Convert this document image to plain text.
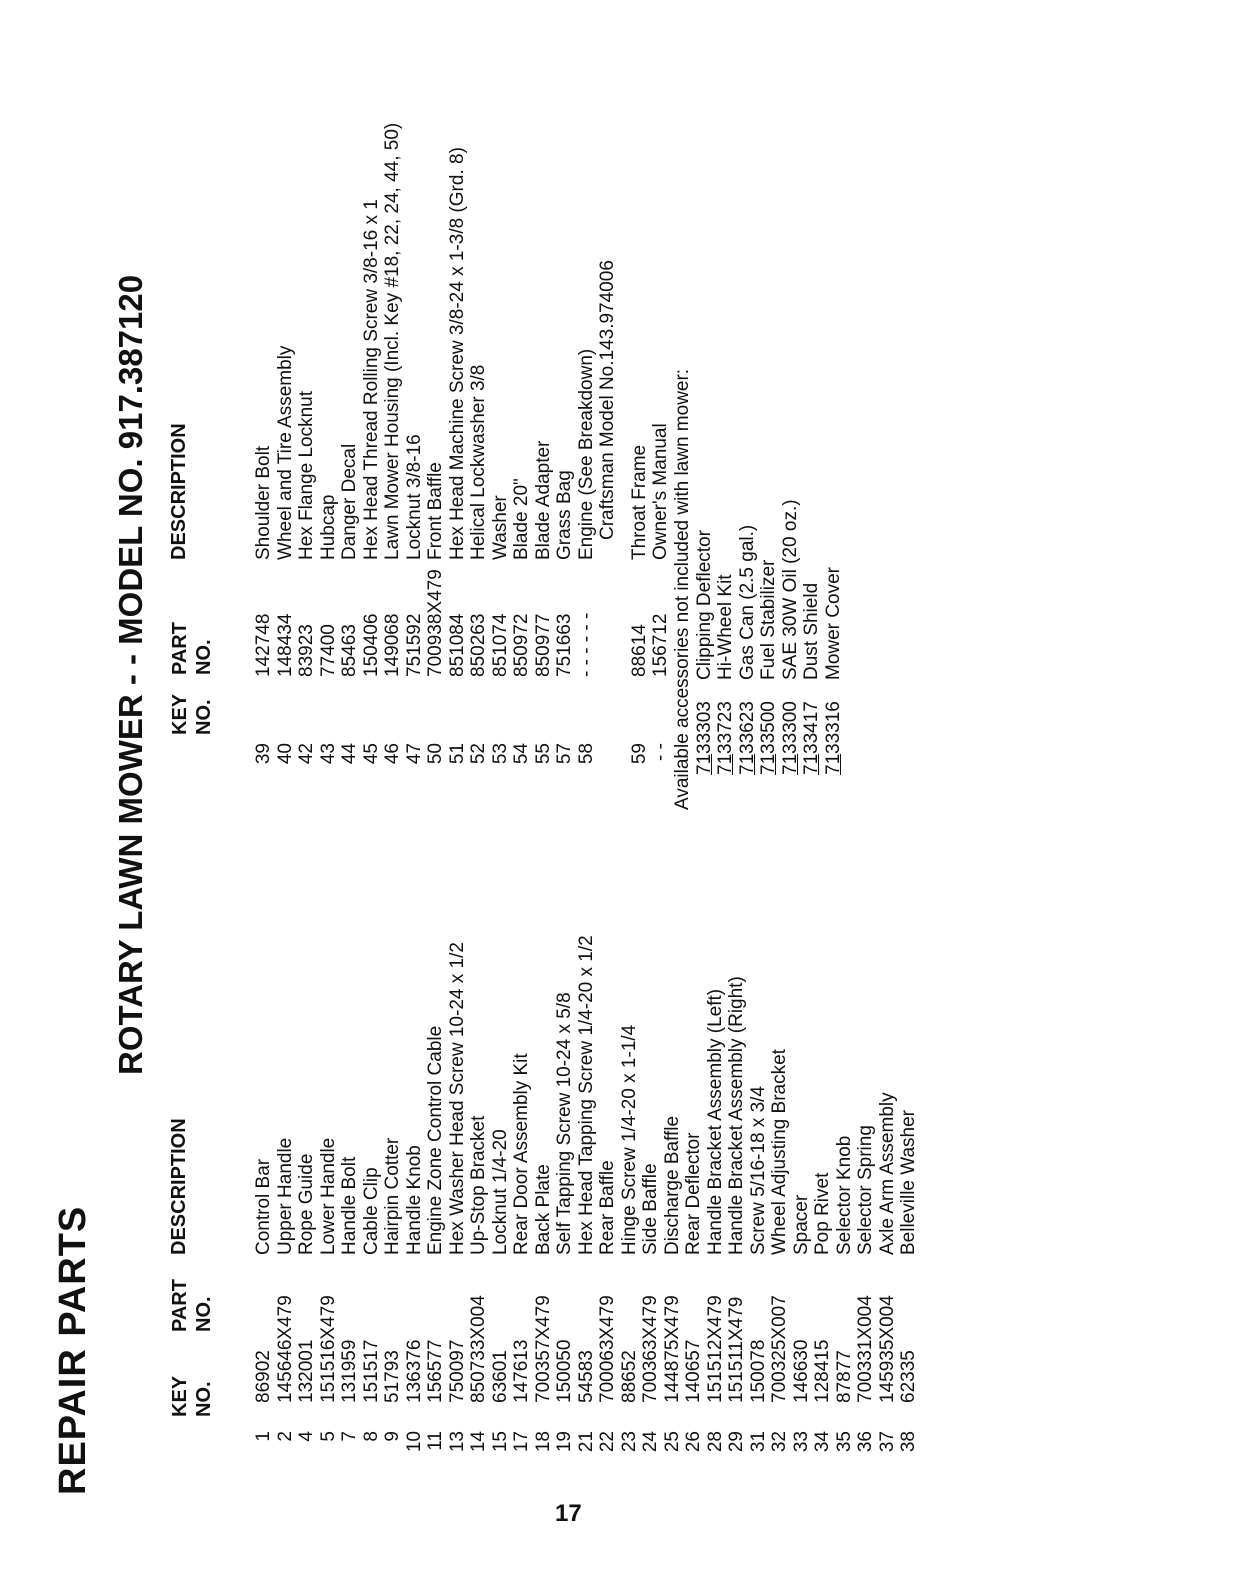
REPAIR PARTS
ROTARY LAWN MOWER - - MODEL NO. 917.387120
KEY NO.
PART NO.
DESCRIPTION
KEY NO.
PART NO.
DESCRIPTION
1
86902
Control Bar
2
145646X479
Upper Handle
4
132001
Rope Guide
5
151516X479
Lower Handle
7
131959
Handle Bolt
8
151517
Cable Clip
9
51793
Hairpin Cotter
10
136376
Handle Knob
11
156577
Engine Zone Control Cable
13
750097
Hex Washer Head Screw 10-24 x 1/2
14
850733X004
Up-Stop Bracket
15
63601
Locknut 1/4-20
17
147613
Rear Door Assembly Kit
18
700357X479
Back Plate
19
150050
Self Tapping Screw 10-24 x 5/8
21
54583
Hex Head Tapping Screw 1/4-20 x 1/2
22
700063X479
Rear Baffle
23
88652
Hinge Screw 1/4-20 x 1-1/4
24
700363X479
Side Baffle
25
144875X479
Discharge Baffle
26
140657
Rear Deflector
28
151512X479
Handle Bracket Assembly (Left)
29
151511X479
Handle Bracket Assembly (Right)
31
150078
Screw 5/16-18 x 3/4
32
700325X007
Wheel Adjusting Bracket
33
146630
Spacer
34
128415
Pop Rivet
35
87877
Selector Knob
36
700331X004
Selector Spring
37
145935X004
Axle Arm Assembly
38
62335
Belleville Washer
39
142748
Shoulder Bolt
40
148434
Wheel and Tire Assembly
42
83923
Hex Flange Locknut
43
77400
Hubcap
44
85463
Danger Decal
45
150406
Hex Head Thread Rolling Screw 3/8-16 x 1
46
149068
Lawn Mower Housing (Incl. Key #18, 22, 24, 44, 50)
47
751592
Locknut 3/8-16
50
700938X479
Front Baffle
51
851084
Hex Head Machine Screw 3/8-24 x 1-3/8 (Grd. 8)
52
850263
Helical Lockwasher 3/8
53
851074
Washer
54
850972
Blade 20"
55
850977
Blade Adapter
57
751663
Grass Bag
58
- - - - - -
Engine (See Breakdown) Craftsman Model No.143.974006
59
88614
Throat Frame
- -
156712
Owner's Manual Available accessories not included with lawn mower: 71
33303
Clipping Deflector
71
33723
Hi-Wheel Kit
71
33623
Gas Can (2.5 gal.)
71
33500
Fuel Stabilizer
71
33300
SAE 30W Oil (20 oz.)
71
33417
Dust Shield
71
33316
Mower Cover
17
